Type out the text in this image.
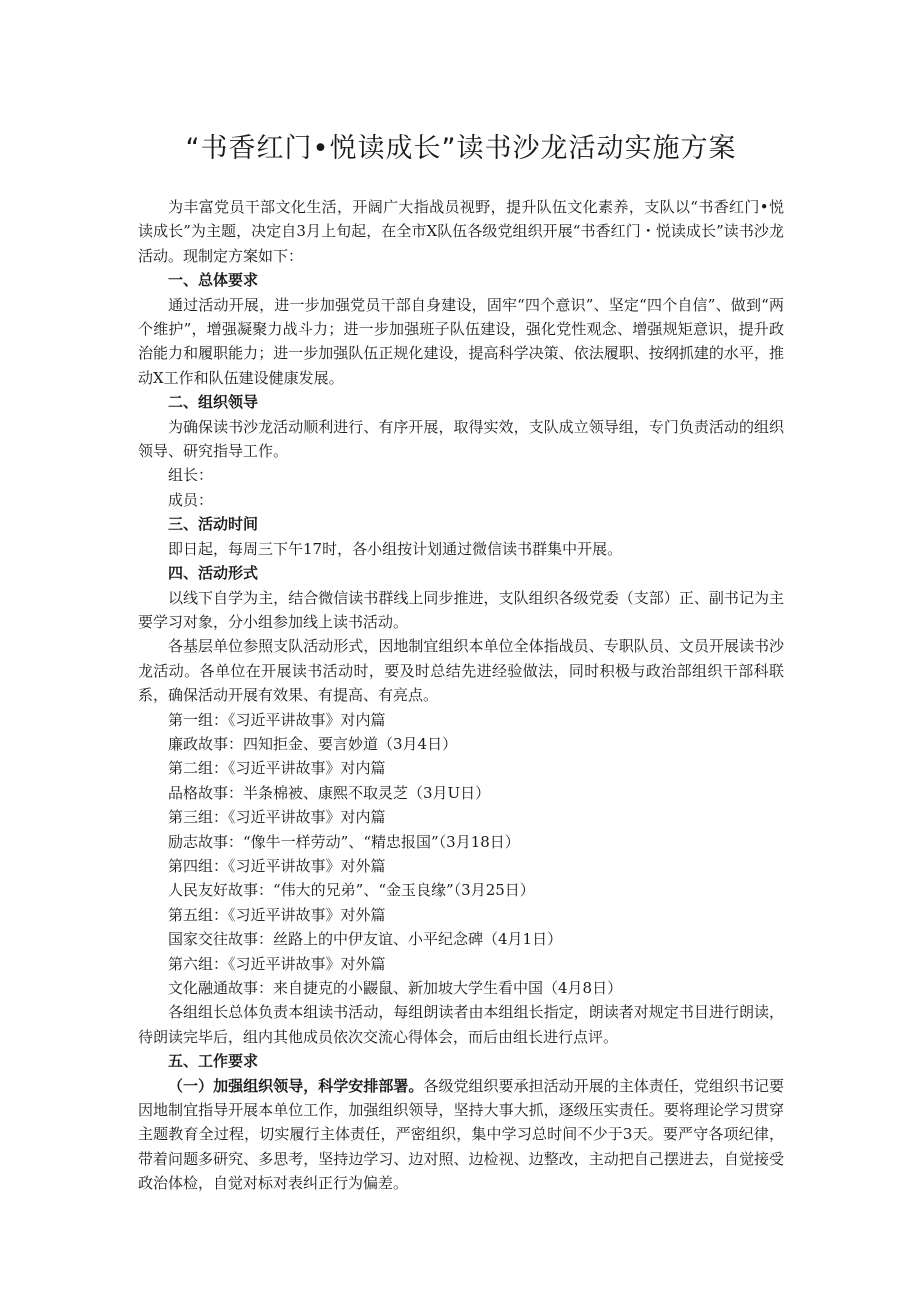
“书香红门•悦读成长”读书沙龙活动实施方案

为丰富党员干部文化生活，开阔广大指战员视野，提升队伍文化素养，支队以“书香红门•悦读成长”为主题，决定自3月上旬起，在全市X队伍各级党组织开展“书香红门・悦读成长”读书沙龙活动。现制定方案如下：

一、总体要求

通过活动开展，进一步加强党员干部自身建设，固牢“四个意识”、坚定“四个自信”、做到“两个维护”，增强凝聚力战斗力；进一步加强班子队伍建设，强化党性观念、增强规矩意识，提升政治能力和履职能力；进一步加强队伍正规化建设，提高科学决策、依法履职、按纲抓建的水平，推动X工作和队伍建设健康发展。

二、组织领导

为确保读书沙龙活动顺利进行、有序开展，取得实效，支队成立领导组，专门负责活动的组织领导、研究指导工作。

组长：

成员：

三、活动时间

即日起，每周三下午17时，各小组按计划通过微信读书群集中开展。

四、活动形式

以线下自学为主，结合微信读书群线上同步推进，支队组织各级党委（支部）正、副书记为主要学习对象，分小组参加线上读书活动。

各基层单位参照支队活动形式，因地制宜组织本单位全体指战员、专职队员、文员开展读书沙龙活动。各单位在开展读书活动时，要及时总结先进经验做法，同时积极与政治部组织干部科联系，确保活动开展有效果、有提高、有亮点。

第一组：《习近平讲故事》对内篇

廉政故事：四知拒金、要言妙道（3月4日）

第二组：《习近平讲故事》对内篇

品格故事：半条棉被、康熙不取灵芝（3月U日）

第三组：《习近平讲故事》对内篇

励志故事：“像牛一样劳动”、“精忠报国”（3月18日）

第四组：《习近平讲故事》对外篇

人民友好故事：“伟大的兄弟”、“金玉良缘”（3月25日）

第五组：《习近平讲故事》对外篇

国家交往故事：丝路上的中伊友谊、小平纪念碑（4月1日）

第六组：《习近平讲故事》对外篇

文化融通故事：来自捷克的小鼹鼠、新加坡大学生看中国（4月8日）

各组组长总体负责本组读书活动，每组朗读者由本组组长指定，朗读者对规定书目进行朗读，待朗读完毕后，组内其他成员依次交流心得体会，而后由组长进行点评。

五、工作要求

（一）加强组织领导，科学安排部署。各级党组织要承担活动开展的主体责任，党组织书记要因地制宜指导开展本单位工作，加强组织领导，坚持大事大抓，逐级压实责任。要将理论学习贯穿主题教育全过程，切实履行主体责任，严密组织，集中学习总时间不少于3天。要严守各项纪律，带着问题多研究、多思考，坚持边学习、边对照、边检视、边整改，主动把自己摆进去，自觉接受政治体检，自觉对标对表纠正行为偏差。
